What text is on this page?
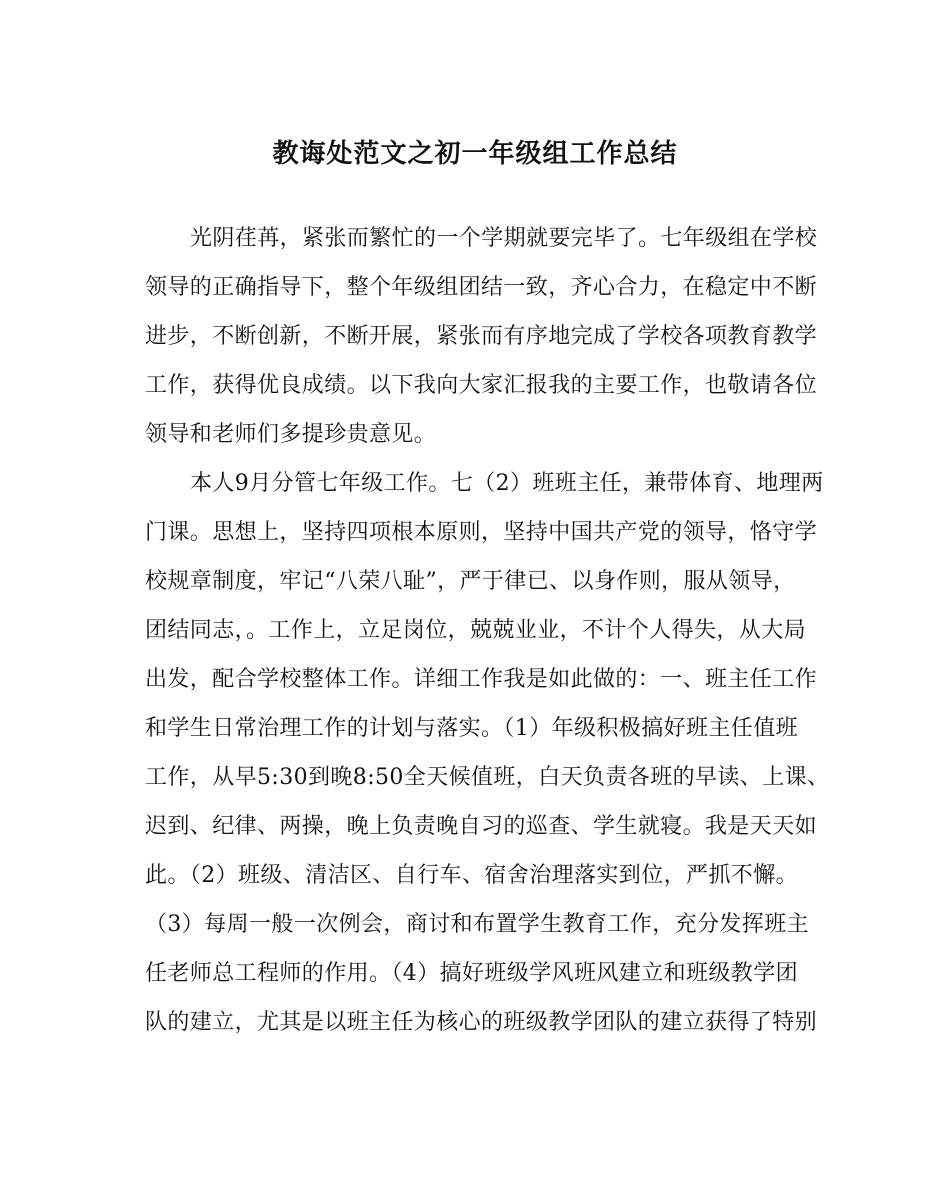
教诲处范文之初一年级组工作总结
光阴荏苒，紧张而繁忙的一个学期就要完毕了。七年级组在学校
领导的正确指导下，整个年级组团结一致，齐心合力，在稳定中不断
进步，不断创新，不断开展，紧张而有序地完成了学校各项教育教学
工作，获得优良成绩。以下我向大家汇报我的主要工作，也敬请各位
领导和老师们多提珍贵意见。
本人9月分管七年级工作。七（2）班班主任，兼带体育、地理两
门课。思想上，坚持四项根本原则，坚持中国共产党的领导，恪守学
校规章制度，牢记“八荣八耻”，严于律已、以身作则，服从领导，
团结同志，。工作上，立足岗位，兢兢业业，不计个人得失，从大局
出发，配合学校整体工作。详细工作我是如此做的：一、班主任工作
和学生日常治理工作的计划与落实。（1）年级积极搞好班主任值班
工作，从早5:30到晚8:50全天候值班，白天负责各班的早读、上课、
迟到、纪律、两操，晚上负责晚自习的巡查、学生就寝。我是天天如
此。（2）班级、清洁区、自行车、宿舍治理落实到位，严抓不懈。
（3）每周一般一次例会，商讨和布置学生教育工作，充分发挥班主
任老师总工程师的作用。（4）搞好班级学风班风建立和班级教学团
队的建立，尤其是以班主任为核心的班级教学团队的建立获得了特别
